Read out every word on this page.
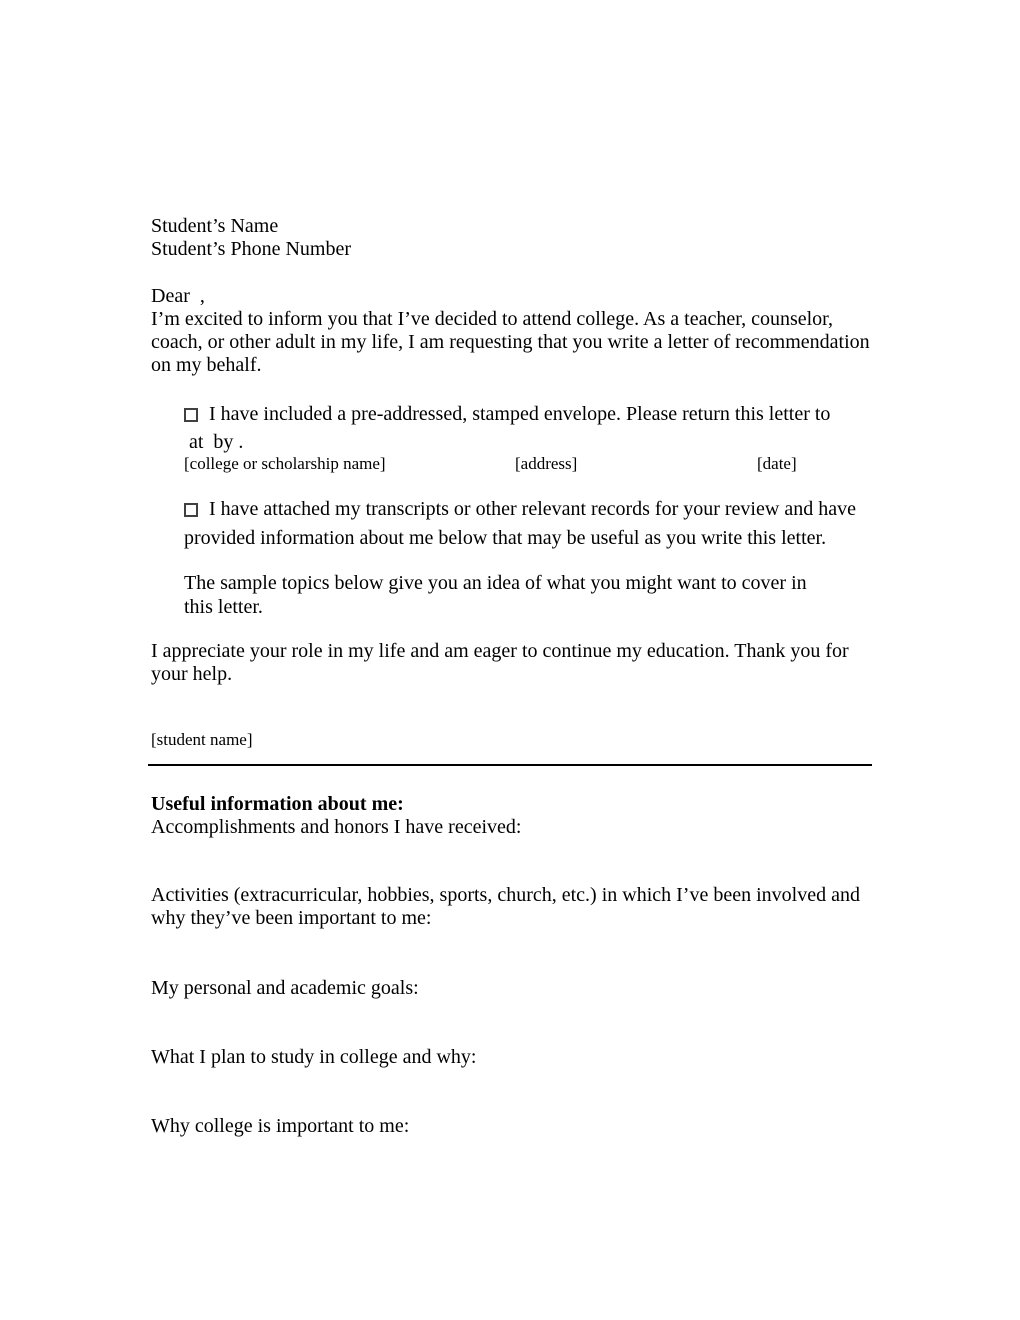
Student’s Name
Student’s Phone Number
Dear  ,
I’m excited to inform you that I’ve decided to attend college. As a teacher, counselor, coach, or other adult in my life, I am requesting that you write a letter of recommendation on my behalf.
I have included a pre-addressed, stamped envelope. Please return this letter to
at  by .
[college or scholarship name]	[address]	[date]
I have attached my transcripts or other relevant records for your review and have provided information about me below that may be useful as you write this letter.
The sample topics below give you an idea of what you might want to cover in this letter.
I appreciate your role in my life and am eager to continue my education. Thank you for your help.
[student name]
Useful information about me:
Accomplishments and honors I have received:
Activities (extracurricular, hobbies, sports, church, etc.) in which I’ve been involved and why they’ve been important to me:
My personal and academic goals:
What I plan to study in college and why:
Why college is important to me:
